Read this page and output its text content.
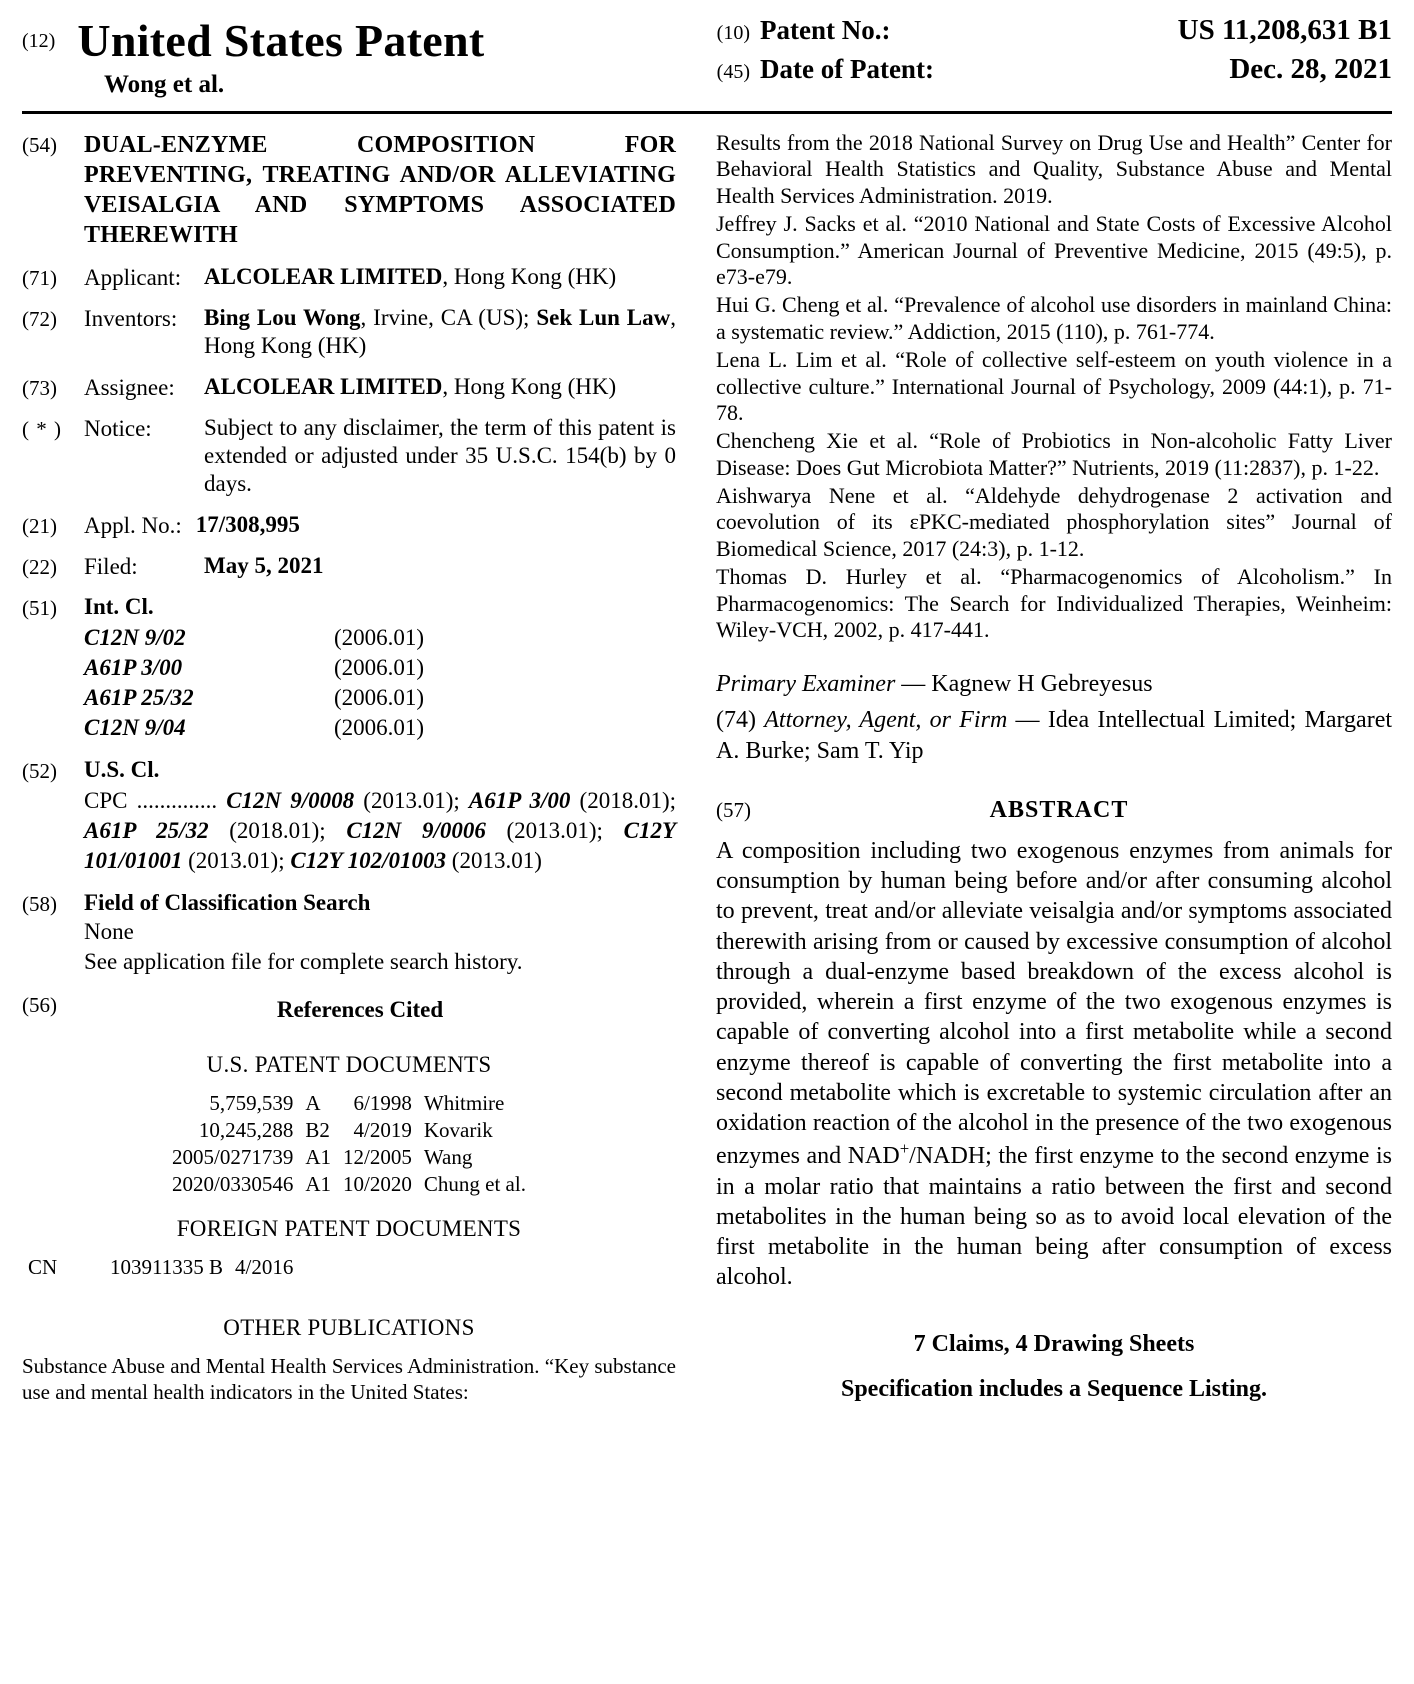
(12) United States Patent
Wong et al.
(10) Patent No.:	US 11,208,631 B1
(45) Date of Patent:	Dec. 28, 2021
(54)	DUAL-ENZYME COMPOSITION FOR PREVENTING, TREATING AND/OR ALLEVIATING VEISALGIA AND SYMPTOMS ASSOCIATED THEREWITH
(71)	Applicant: ALCOLEAR LIMITED, Hong Kong (HK)
(72)	Inventors:	Bing Lou Wong, Irvine, CA (US); Sek Lun Law, Hong Kong (HK)
(73)	Assignee:	ALCOLEAR LIMITED, Hong Kong (HK)
( * ) Notice:	Subject to any disclaimer, the term of this patent is extended or adjusted under 35 U.S.C. 154(b) by 0 days.
(21)	Appl. No.: 17/308,995
(22)	Filed:	May 5, 2021
(51)	Int. Cl.
C12N 9/02	(2006.01)
A61P 3/00	(2006.01)
A61P 25/32	(2006.01)
C12N 9/04	(2006.01)
(52)	U.S. Cl.
CPC .............. C12N 9/0008 (2013.01); A61P 3/00 (2018.01); A61P 25/32 (2018.01); C12N 9/0006 (2013.01); C12Y 101/01001 (2013.01); C12Y 102/01003 (2013.01)
(58)	Field of Classification Search
None
See application file for complete search history.
(56)	References Cited
U.S. PATENT DOCUMENTS
5,759,539	A	6/1998	Whitmire
10,245,288	B2	4/2019	Kovarik
2005/0271739	A1	12/2005	Wang
2020/0330546	A1	10/2020	Chung et al.
FOREIGN PATENT DOCUMENTS
CN	103911335 B	4/2016
OTHER PUBLICATIONS
Substance Abuse and Mental Health Services Administration. “Key substance use and mental health indicators in the United States:
Results from the 2018 National Survey on Drug Use and Health” Center for Behavioral Health Statistics and Quality, Substance Abuse and Mental Health Services Administration. 2019.
Jeffrey J. Sacks et al. “2010 National and State Costs of Excessive Alcohol Consumption.” American Journal of Preventive Medicine, 2015 (49:5), p. e73-e79.
Hui G. Cheng et al. “Prevalence of alcohol use disorders in mainland China: a systematic review.” Addiction, 2015 (110), p. 761-774.
Lena L. Lim et al. “Role of collective self-esteem on youth violence in a collective culture.” International Journal of Psychology, 2009 (44:1), p. 71-78.
Chencheng Xie et al. “Role of Probiotics in Non-alcoholic Fatty Liver Disease: Does Gut Microbiota Matter?” Nutrients, 2019 (11:2837), p. 1-22.
Aishwarya Nene et al. “Aldehyde dehydrogenase 2 activation and coevolution of its εPKC-mediated phosphorylation sites” Journal of Biomedical Science, 2017 (24:3), p. 1-12.
Thomas D. Hurley et al. “Pharmacogenomics of Alcoholism.” In Pharmacogenomics: The Search for Individualized Therapies, Weinheim: Wiley-VCH, 2002, p. 417-441.
Primary Examiner — Kagnew H Gebreyesus
(74) Attorney, Agent, or Firm — Idea Intellectual Limited; Margaret A. Burke; Sam T. Yip
(57)	ABSTRACT
A composition including two exogenous enzymes from animals for consumption by human being before and/or after consuming alcohol to prevent, treat and/or alleviate veisalgia and/or symptoms associated therewith arising from or caused by excessive consumption of alcohol through a dual-enzyme based breakdown of the excess alcohol is provided, wherein a first enzyme of the two exogenous enzymes is capable of converting alcohol into a first metabolite while a second enzyme thereof is capable of converting the first metabolite into a second metabolite which is excretable to systemic circulation after an oxidation reaction of the alcohol in the presence of the two exogenous enzymes and NAD+/NADH; the first enzyme to the second enzyme is in a molar ratio that maintains a ratio between the first and second metabolites in the human being so as to avoid local elevation of the first metabolite in the human being after consumption of excess alcohol.
7 Claims, 4 Drawing Sheets
Specification includes a Sequence Listing.
